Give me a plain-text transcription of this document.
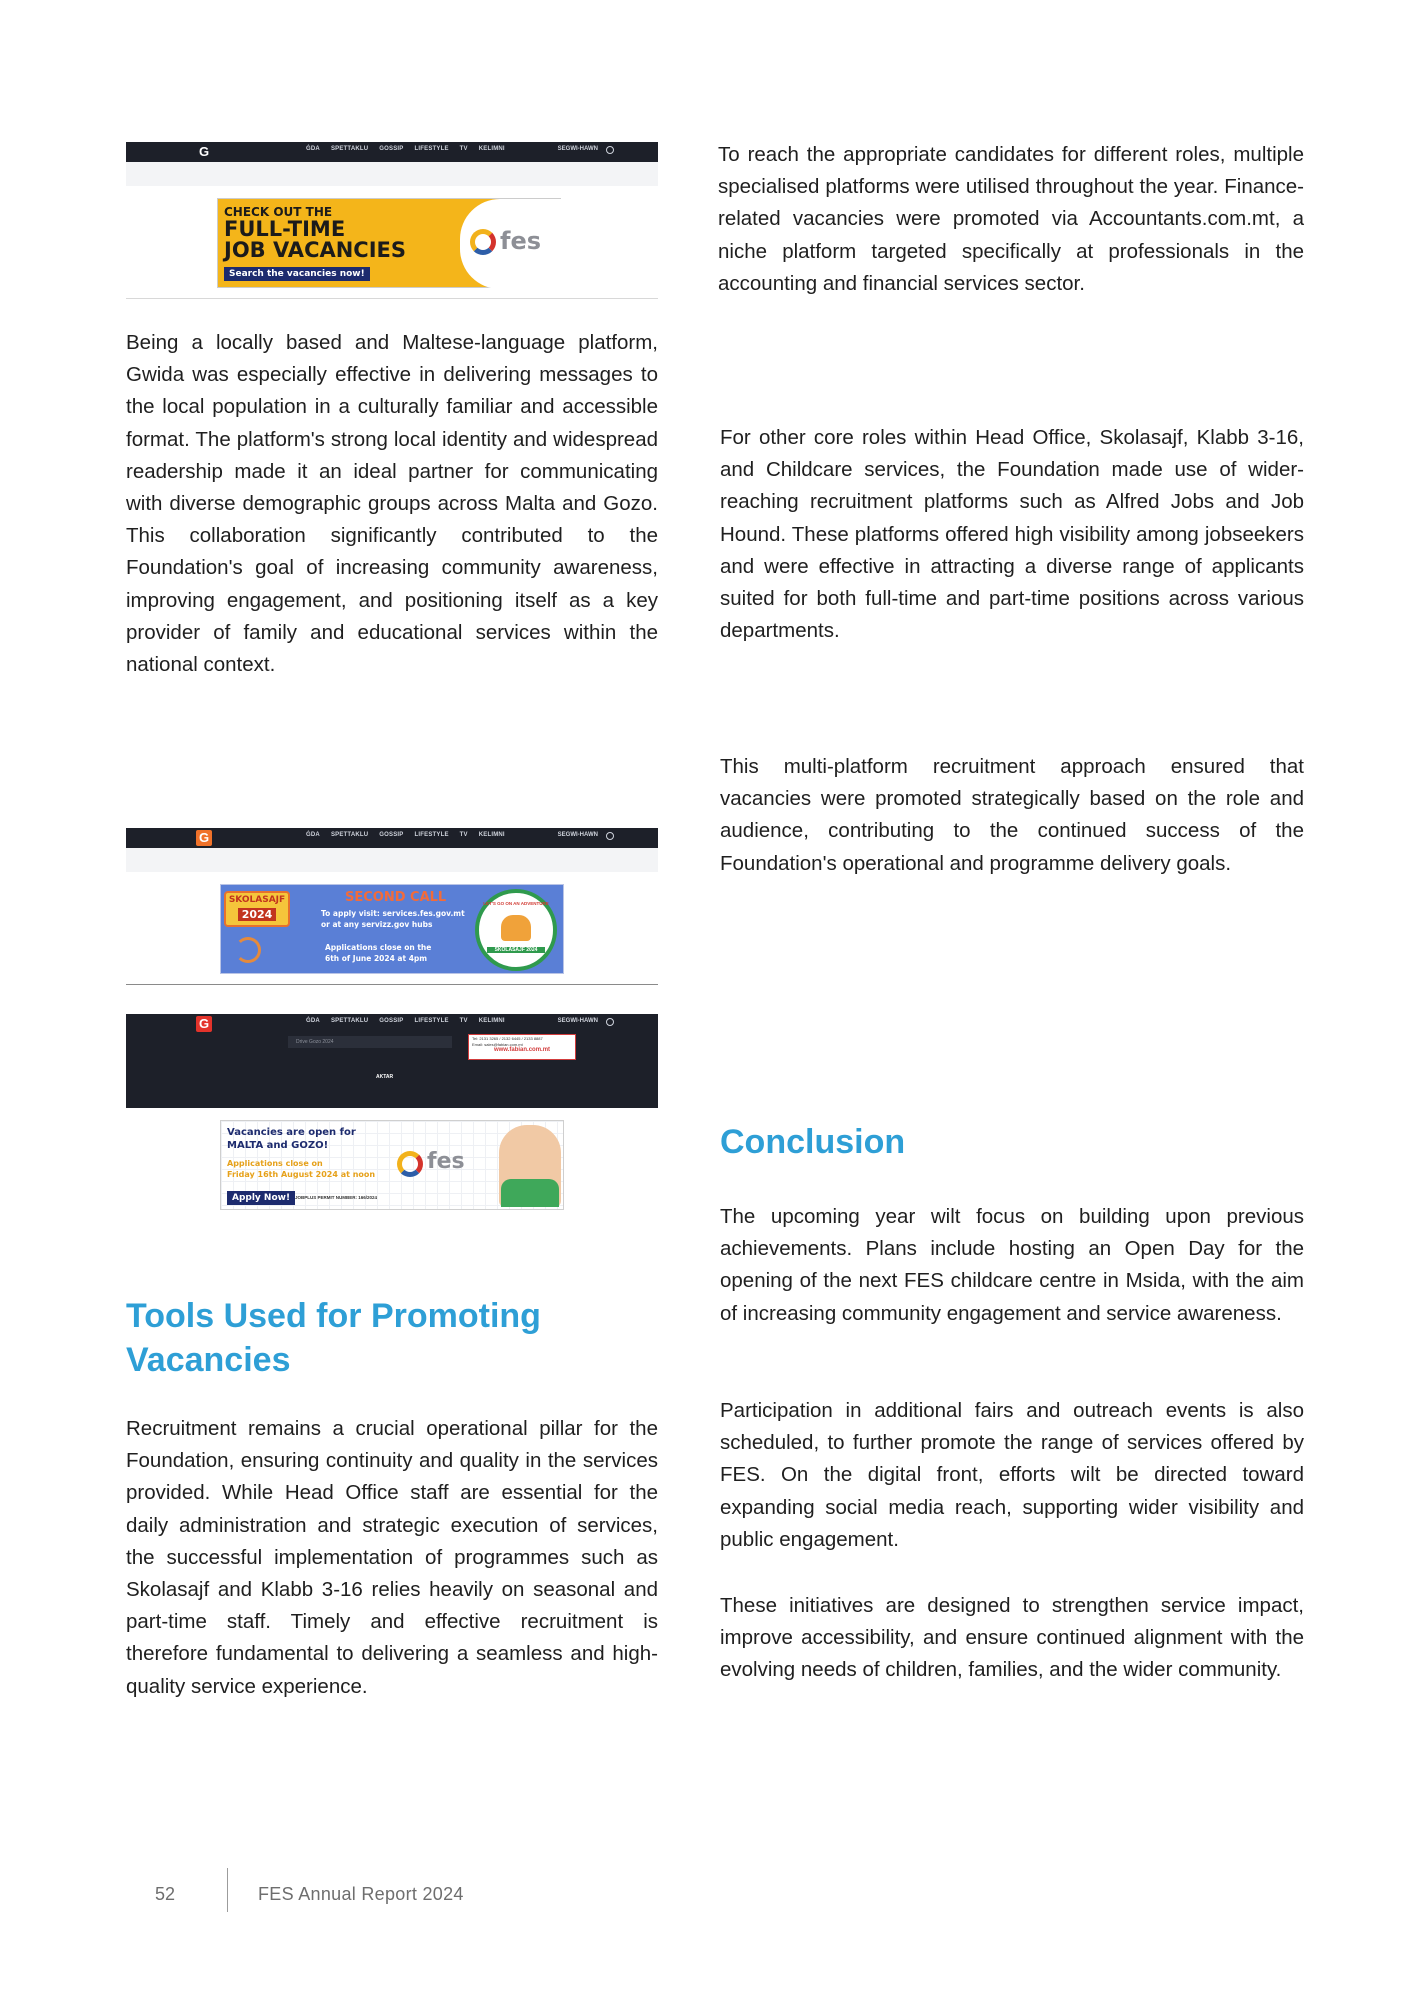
G	ĠDA SPETTAKLU GOSSIP LIFESTYLE TV KELIMNI	SEGWI-HAWN
CHECK OUT THE
FULL-TIME
JOB VACANCIES
Search the vacancies now!
fes
Being a locally based and Maltese-language platform, Gwida was especially effective in delivering messages to the local population in a culturally familiar and accessible format. The platform's strong local identity and widespread readership made it an ideal partner for communicating with diverse demographic groups across Malta and Gozo. This collaboration significantly contributed to the Foundation's goal of increasing community awareness, improving engagement, and positioning itself as a key provider of family and educational services within the national context.
G	ĠDA SPETTAKLU GOSSIP LIFESTYLE TV KELIMNI	SEGWI-HAWN
SKOLASAJF
2024
SECOND CALL
To apply visit: services.fes.gov.mt
or at any servizz.gov hubs
Applications close on the
6th of June 2024 at 4pm
LET'S GO ON AN ADVENTURE
SKOLASAJF 2024
G	ĠDA SPETTAKLU GOSSIP LIFESTYLE TV KELIMNI	SEGWI-HAWN
Drive Gozo 2024
Tel: 2131 3265 / 2132 6445 / 2133 8887
Email: sales@fabian.com.mt
www.fabian.com.mt
AKTAR
Vacancies are open for
MALTA and GOZO!
Applications close on
Friday 16th August 2024 at noon
Apply Now!	JOBPLUS PERMIT NUMBER: 166/2024
fes
Tools Used for Promoting Vacancies
Recruitment remains a crucial operational pillar for the Foundation, ensuring continuity and quality in the services provided. While Head Office staff are essential for the daily administration and strategic execution of services, the successful implementation of programmes such as Skolasajf and Klabb 3-16 relies heavily on seasonal and part-time staff. Timely and effective recruitment is therefore fundamental to delivering a seamless and high-quality service experience.
To reach the appropriate candidates for different roles, multiple specialised platforms were utilised throughout the year. Finance-related vacancies were promoted via Accountants.com.mt, a niche platform targeted specifically at professionals in the accounting and financial services sector.
For other core roles within Head Office, Skolasajf, Klabb 3-16, and Childcare services, the Foundation made use of wider-reaching recruitment platforms such as Alfred Jobs and Job Hound. These platforms offered high visibility among jobseekers and were effective in attracting a diverse range of applicants suited for both full-time and part-time positions across various departments.
This multi-platform recruitment approach ensured that vacancies were promoted strategically based on the role and audience, contributing to the continued success of the Foundation's operational and programme delivery goals.
Conclusion
The upcoming year wilt focus on building upon previous achievements. Plans include hosting an Open Day for the opening of the next FES childcare centre in Msida, with the aim of increasing community engagement and service awareness.
Participation in additional fairs and outreach events is also scheduled, to further promote the range of services offered by FES. On the digital front, efforts wilt be directed toward expanding social media reach, supporting wider visibility and public engagement.
These initiatives are designed to strengthen service impact, improve accessibility, and ensure continued alignment with the evolving needs of children, families, and the wider community.
52	FES Annual Report 2024
